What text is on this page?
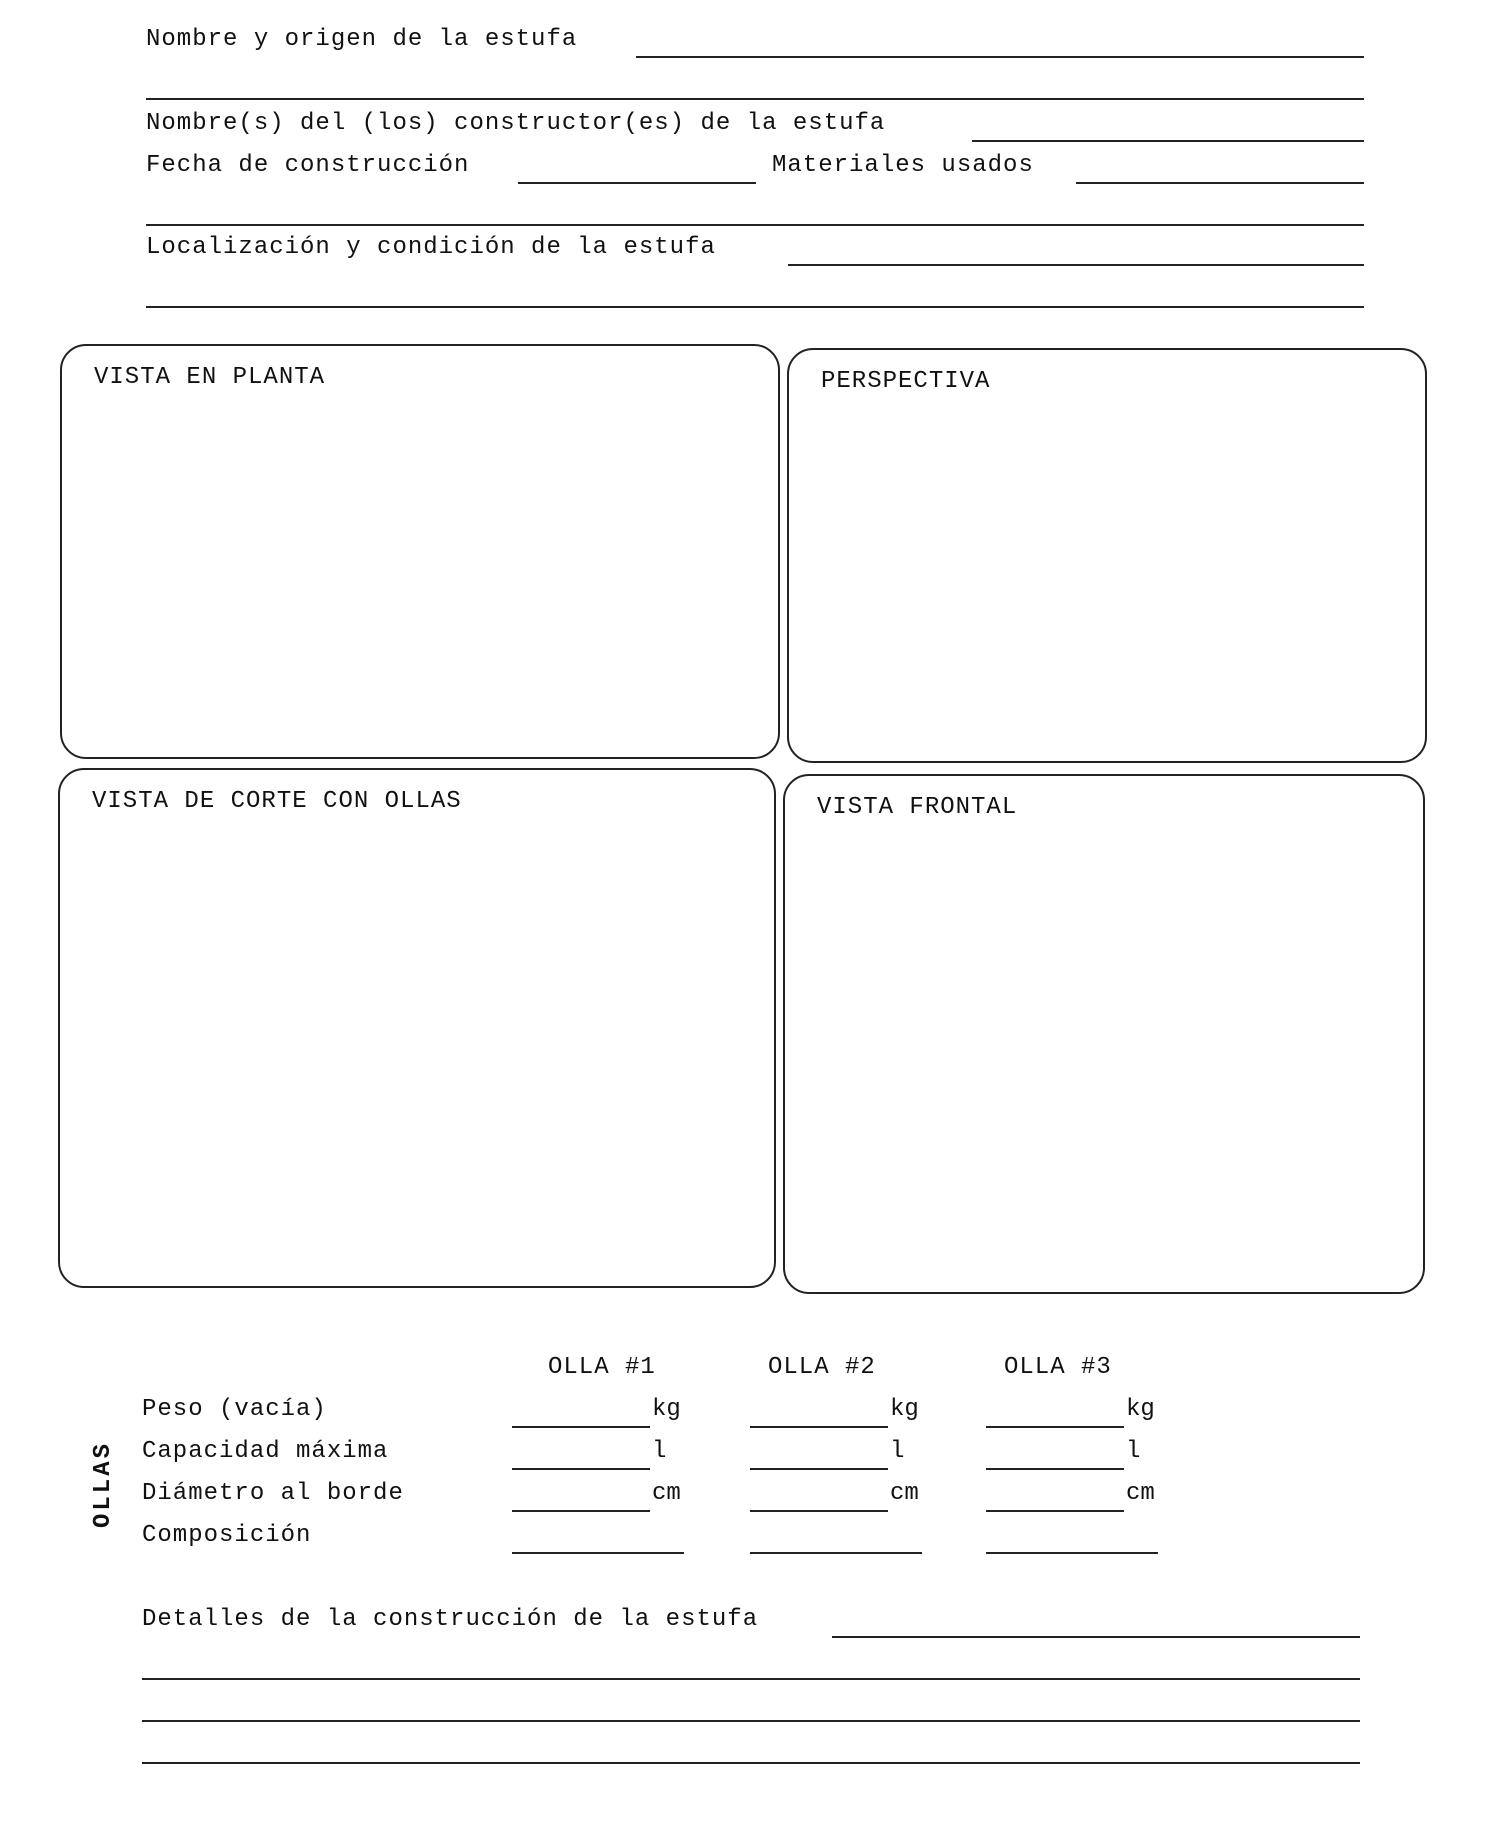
Nombre y origen de la estufa
Nombre(s) del (los) constructor(es) de la estufa
Fecha de construcción	Materiales usados
Localización y condición de la estufa
VISTA EN PLANTA	PERSPECTIVA
VISTA DE CORTE CON OLLAS	VISTA FRONTAL
OLLAS
OLLA #1	OLLA #2	OLLA #3
Peso (vacía)	kg	kg	kg
Capacidad máxima	l	l	l
Diámetro al borde	cm	cm	cm
Composición
Detalles de la construcción de la estufa
